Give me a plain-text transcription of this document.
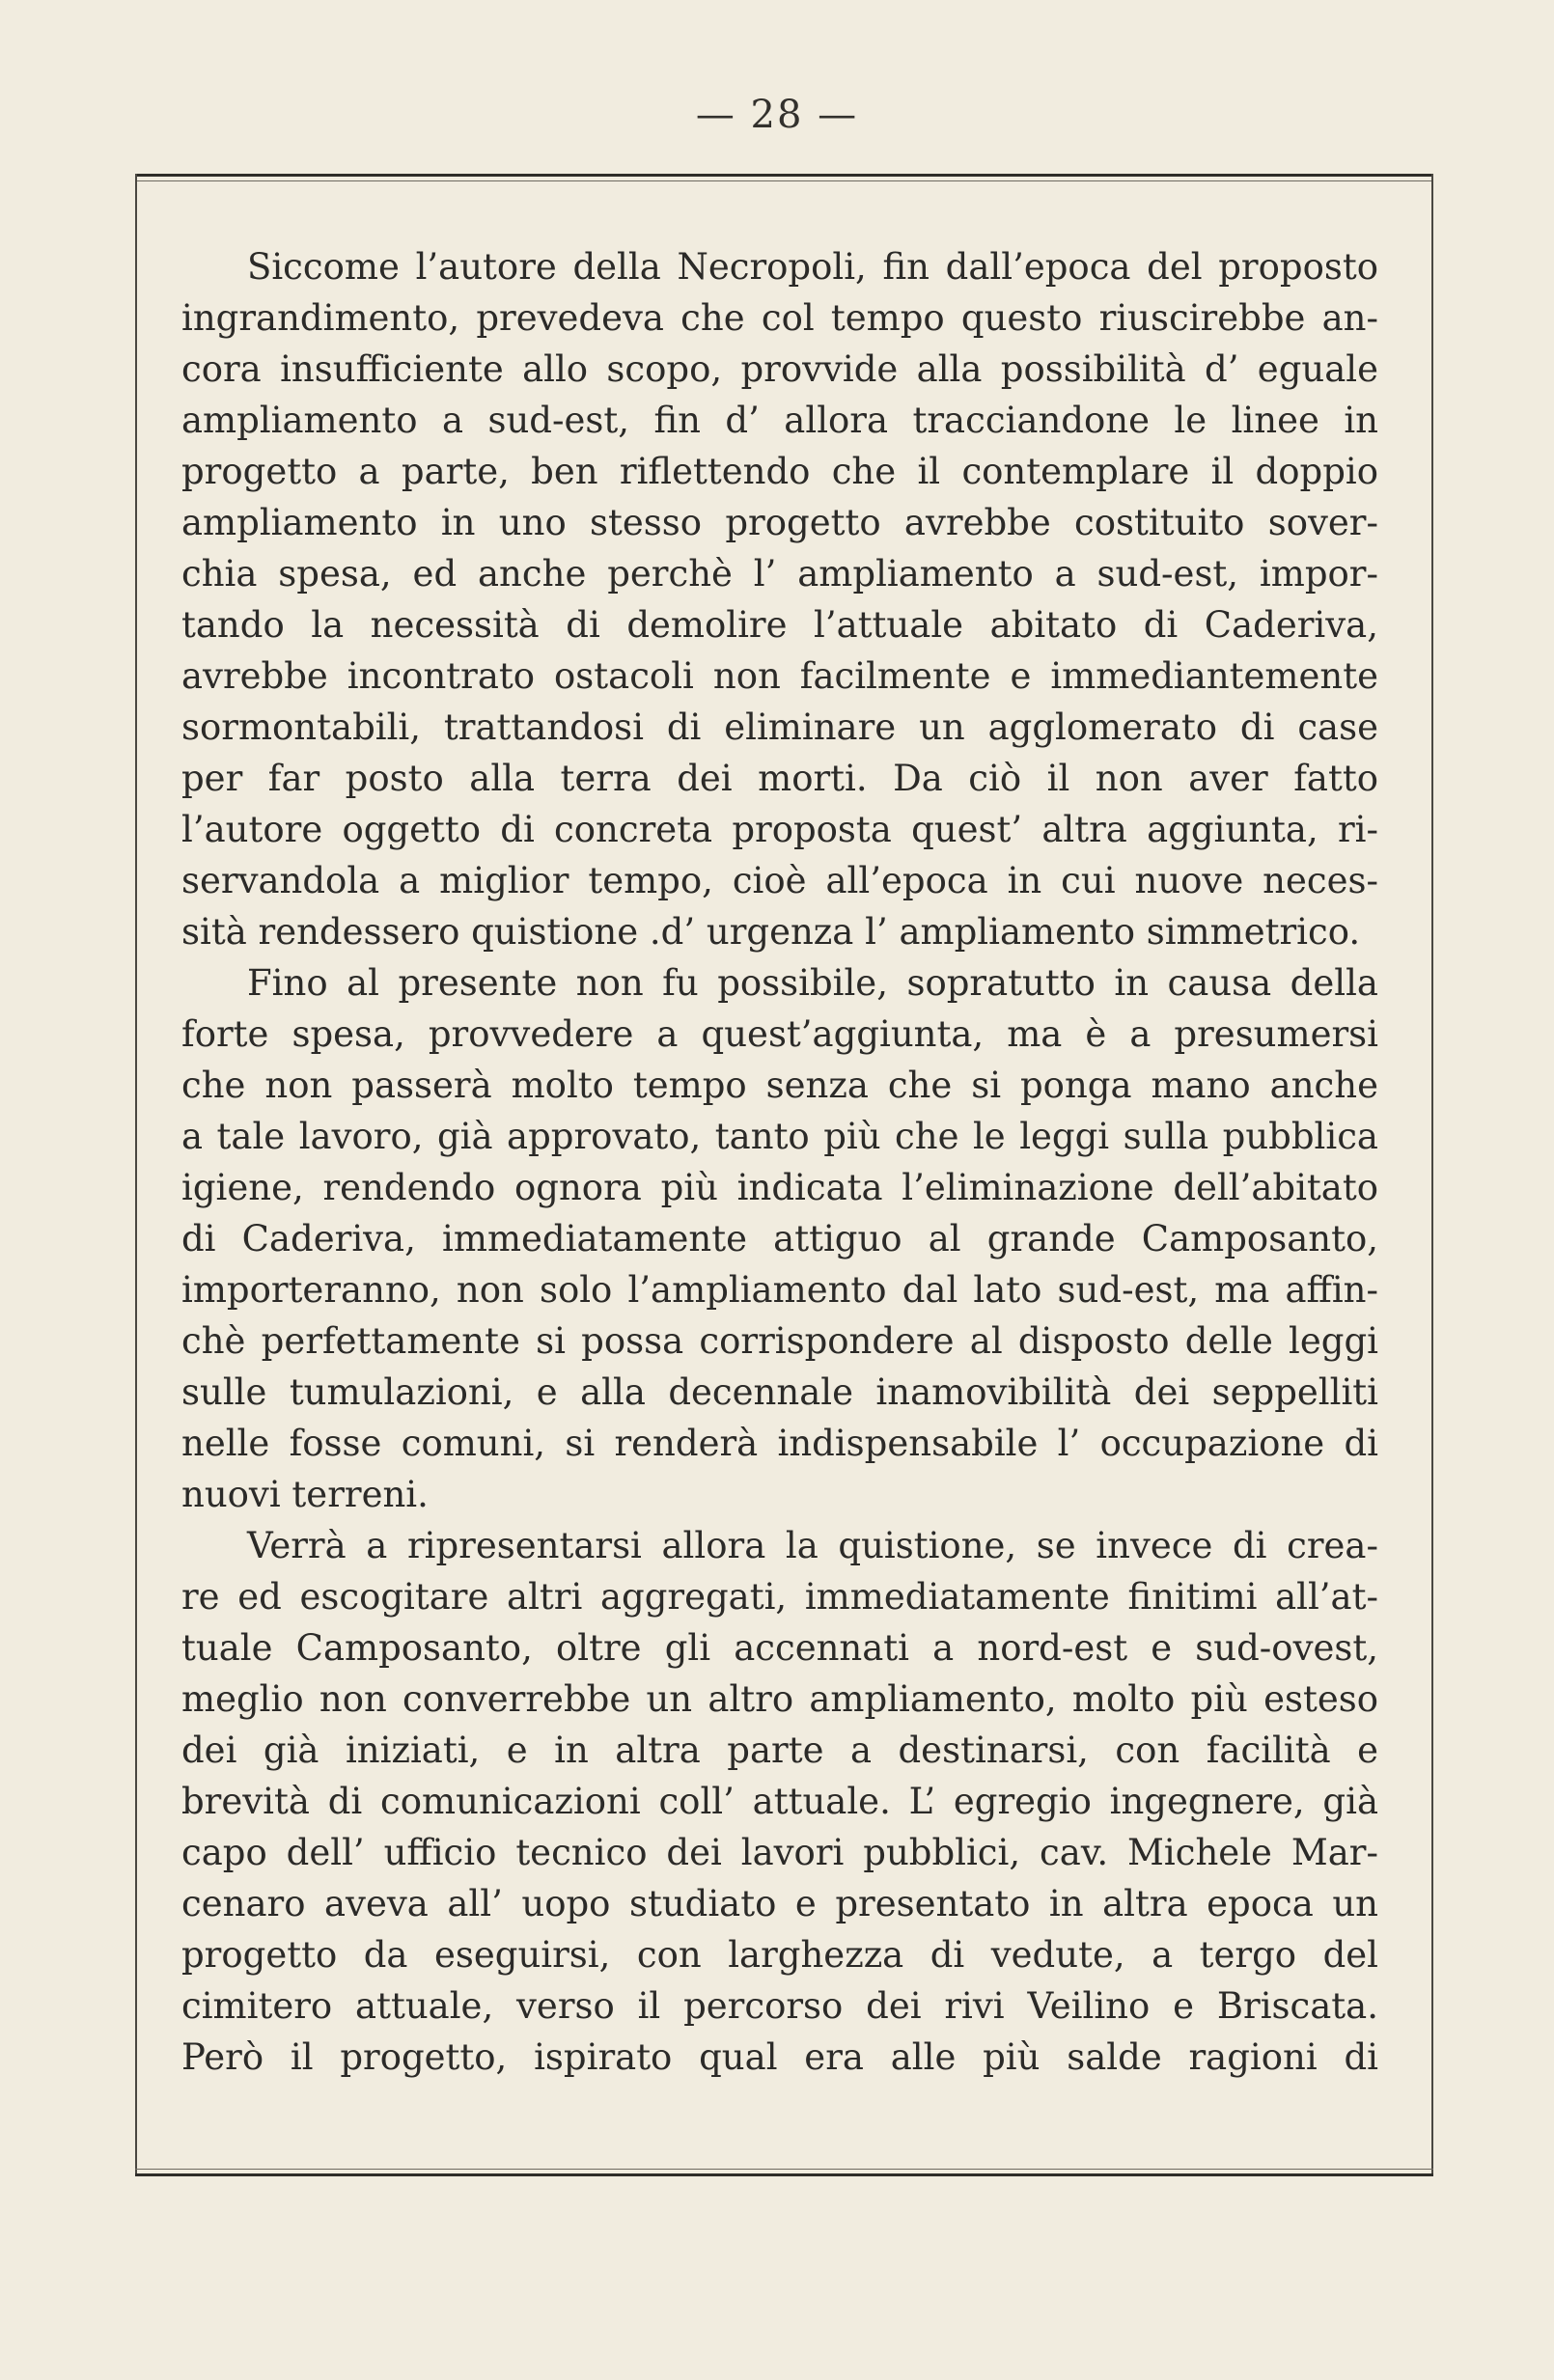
— 28 —
Siccome l’autore della Necropoli, fin dall’epoca del proposto
ingrandimento, prevedeva che col tempo questo riuscirebbe an-
cora insufficiente allo scopo, provvide alla possibilità d’ eguale
ampliamento a sud-est, fin d’ allora tracciandone le linee in
progetto a parte, ben riflettendo che il contemplare il doppio
ampliamento in uno stesso progetto avrebbe costituito sover-
chia spesa, ed anche perchè l’ ampliamento a sud-est, impor-
tando la necessità di demolire l’attuale abitato di Caderiva,
avrebbe incontrato ostacoli non facilmente e immediantemente
sormontabili, trattandosi di eliminare un agglomerato di case
per far posto alla terra dei morti. Da ciò il non aver fatto
l’autore oggetto di concreta proposta quest’ altra aggiunta, ri-
servandola a miglior tempo, cioè all’epoca in cui nuove neces-
sità rendessero quistione .d’ urgenza l’ ampliamento simmetrico.
Fino al presente non fu possibile, sopratutto in causa della
forte spesa, provvedere a quest’aggiunta, ma è a presumersi
che non passerà molto tempo senza che si ponga mano anche
a tale lavoro, già approvato, tanto più che le leggi sulla pubblica
igiene, rendendo ognora più indicata l’eliminazione dell’abitato
di Caderiva, immediatamente attiguo al grande Camposanto,
importeranno, non solo l’ampliamento dal lato sud-est, ma affin-
chè perfettamente si possa corrispondere al disposto delle leggi
sulle tumulazioni, e alla decennale inamovibilità dei seppelliti
nelle fosse comuni, si renderà indispensabile l’ occupazione di
nuovi terreni.
Verrà a ripresentarsi allora la quistione, se invece di crea-
re ed escogitare altri aggregati, immediatamente finitimi all’at-
tuale Camposanto, oltre gli accennati a nord-est e sud-ovest,
meglio non converrebbe un altro ampliamento, molto più esteso
dei già iniziati, e in altra parte a destinarsi, con facilità e
brevità di comunicazioni coll’ attuale. L’ egregio ingegnere, già
capo dell’ ufficio tecnico dei lavori pubblici, cav. Michele Mar-
cenaro aveva all’ uopo studiato e presentato in altra epoca un
progetto da eseguirsi, con larghezza di vedute, a tergo del
cimitero attuale, verso il percorso dei rivi Veilino e Briscata.
Però il progetto, ispirato qual era alle più salde ragioni di
